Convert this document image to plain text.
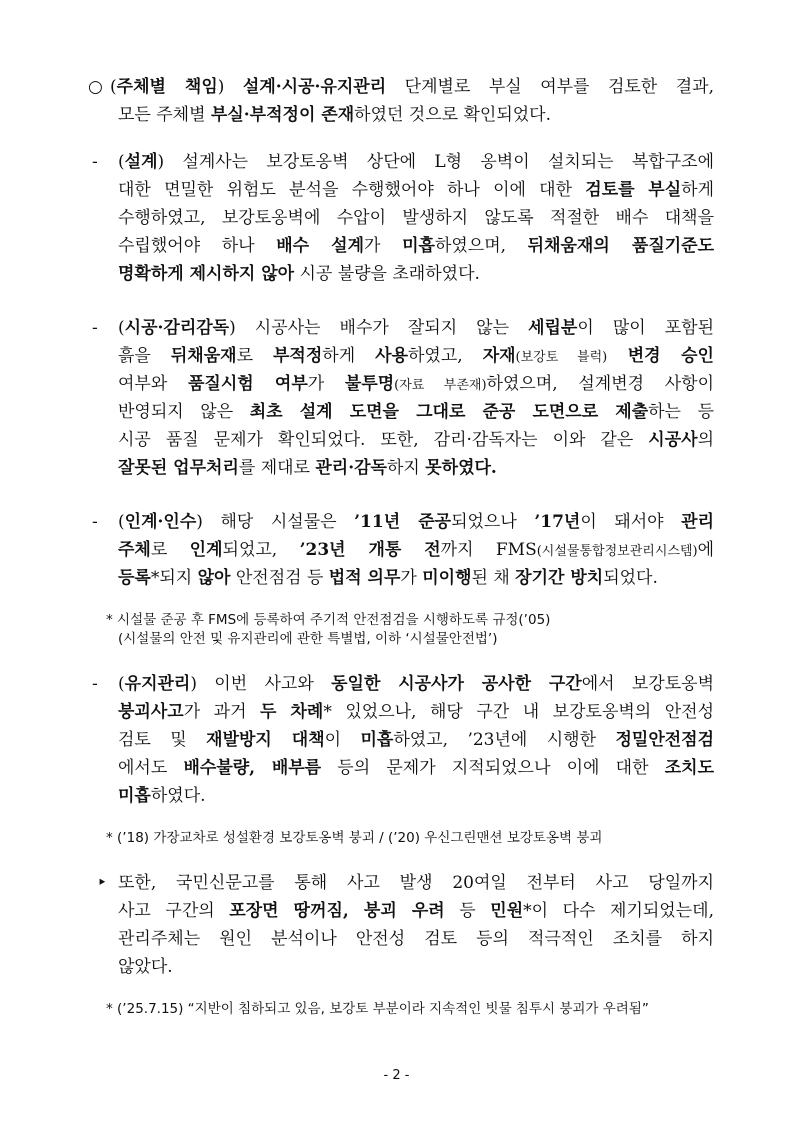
○ (주체별 책임) 설계·시공·유지관리 단계별로 부실 여부를 검토한 결과,
모든 주체별 부실·부적정이 존재하였던 것으로 확인되었다.
- (설계) 설계사는 보강토옹벽 상단에 L형 옹벽이 설치되는 복합구조에
대한 면밀한 위험도 분석을 수행했어야 하나 이에 대한 검토를 부실하게
수행하였고, 보강토옹벽에 수압이 발생하지 않도록 적절한 배수 대책을
수립했어야 하나 배수 설계가 미흡하였으며, 뒤채움재의 품질기준도
명확하게 제시하지 않아 시공 불량을 초래하였다.
- (시공·감리감독) 시공사는 배수가 잘되지 않는 세립분이 많이 포함된
흙을 뒤채움재로 부적정하게 사용하였고, 자재(보강토 블럭) 변경 승인
여부와 품질시험 여부가 불투명(자료 부존재)하였으며, 설계변경 사항이
반영되지 않은 최초 설계 도면을 그대로 준공 도면으로 제출하는 등
시공 품질 문제가 확인되었다. 또한, 감리·감독자는 이와 같은 시공사의
잘못된 업무처리를 제대로 관리·감독하지 못하였다.
- (인계·인수) 해당 시설물은 ’11년 준공되었으나 ’17년이 돼서야 관리
주체로 인계되었고, ’23년 개통 전까지 FMS(시설물통합정보관리시스템)에
등록*되지 않아 안전점검 등 법적 의무가 미이행된 채 장기간 방치되었다.
* 시설물 준공 후 FMS에 등록하여 주기적 안전점검을 시행하도록 규정(’05)
(시설물의 안전 및 유지관리에 관한 특별법, 이하 ‘시설물안전법’)
- (유지관리) 이번 사고와 동일한 시공사가 공사한 구간에서 보강토옹벽
붕괴사고가 과거 두 차례* 있었으나, 해당 구간 내 보강토옹벽의 안전성
검토 및 재발방지 대책이 미흡하였고, ’23년에 시행한 정밀안전점검
에서도 배수불량, 배부름 등의 문제가 지적되었으나 이에 대한 조치도
미흡하였다.
* (’18) 가장교차로 성설환경 보강토옹벽 붕괴 / (’20) 우신그린맨션 보강토옹벽 붕괴
‣ 또한, 국민신문고를 통해 사고 발생 20여일 전부터 사고 당일까지
사고 구간의 포장면 땅꺼짐, 붕괴 우려 등 민원*이 다수 제기되었는데,
관리주체는 원인 분석이나 안전성 검토 등의 적극적인 조치를 하지
않았다.
* (’25.7.15) “지반이 침하되고 있음, 보강토 부분이라 지속적인 빗물 침투시 붕괴가 우려됨”
- 2 -
